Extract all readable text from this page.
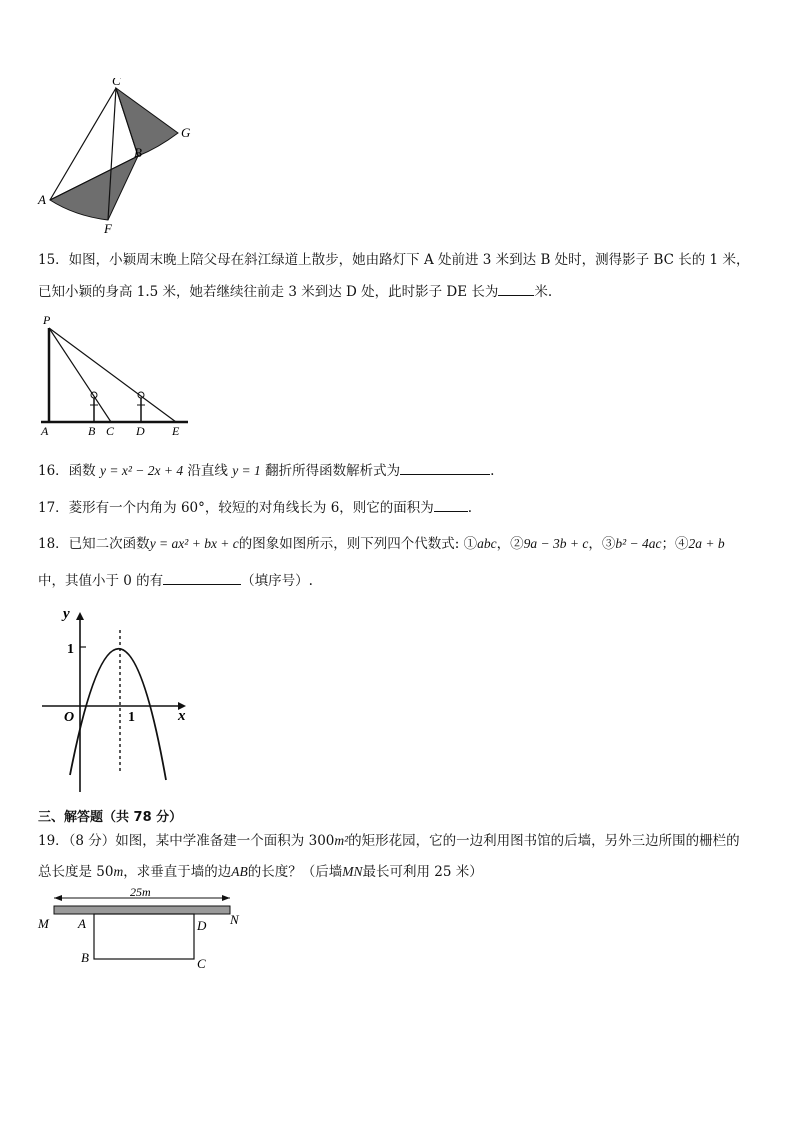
C
G
B
A
F
15．如图，小颖周末晚上陪父母在斜江绿道上散步，她由路灯下 A 处前进 3 米到达 B 处时，测得影子 BC 长的 1 米，
已知小颖的身高 1.5 米，她若继续往前走 3 米到达 D 处，此时影子 DE 长为	米.
P
A	B C D E
16．函数 y = x² − 2x + 4 沿直线 y = 1 翻折所得函数解析式为	.
17．菱形有一个内角为 60°，较短的对角线长为 6，则它的面积为	.
18．已知二次函数y = ax² + bx + c的图象如图所示，则下列四个代数式: ①abc，②9a − 3b + c，③b² − 4ac；④2a + b
中，其值小于 0 的有	（填序号）.
y
1
O	1	x
三、解答题（共 78 分）
19．（8 分）如图，某中学准备建一个面积为 300m²的矩形花园，它的一边利用图书馆的后墙，另外三边所围的栅栏的
总长度是 50m，求垂直于墙的边AB的长度？（后墙MN最长可利用 25 米）
25m
M	N
A	D
B	C
